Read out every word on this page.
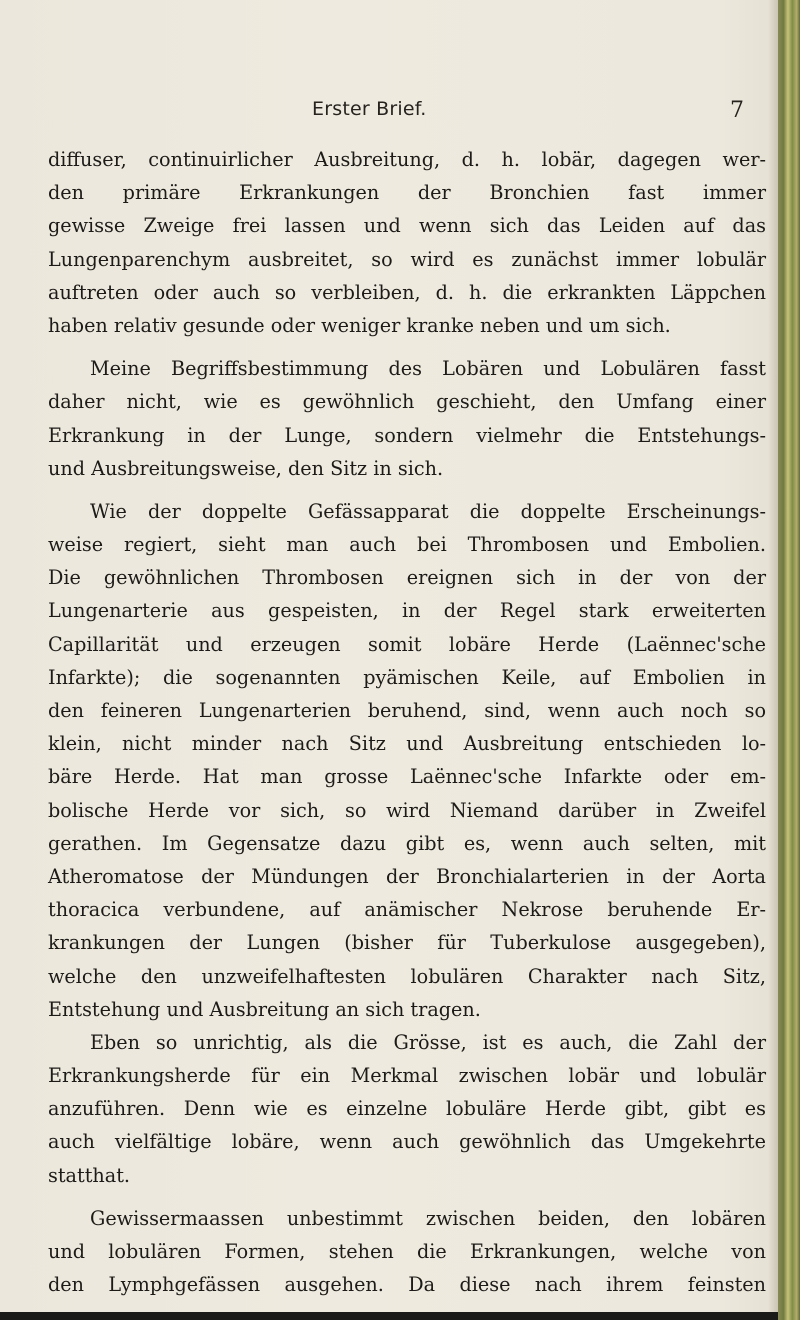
Erster Brief.	7
diffuser, continuirlicher Ausbreitung, d. h. lobär, dagegen wer-
den primäre Erkrankungen der Bronchien fast immer
gewisse Zweige frei lassen und wenn sich das Leiden auf das
Lungenparenchym ausbreitet, so wird es zunächst immer lobulär
auftreten oder auch so verbleiben, d. h. die erkrankten Läppchen
haben relativ gesunde oder weniger kranke neben und um sich.
Meine Begriffsbestimmung des Lobären und Lobulären fasst
daher nicht, wie es gewöhnlich geschieht, den Umfang einer
Erkrankung in der Lunge, sondern vielmehr die Entstehungs-
und Ausbreitungsweise, den Sitz in sich.
Wie der doppelte Gefässapparat die doppelte Erscheinungs-
weise regiert, sieht man auch bei Thrombosen und Embolien.
Die gewöhnlichen Thrombosen ereignen sich in der von der
Lungenarterie aus gespeisten, in der Regel stark erweiterten
Capillarität und erzeugen somit lobäre Herde (Laënnec'sche
Infarkte); die sogenannten pyämischen Keile, auf Embolien in
den feineren Lungenarterien beruhend, sind, wenn auch noch so
klein, nicht minder nach Sitz und Ausbreitung entschieden lo-
bäre Herde. Hat man grosse Laënnec'sche Infarkte oder em-
bolische Herde vor sich, so wird Niemand darüber in Zweifel
gerathen. Im Gegensatze dazu gibt es, wenn auch selten, mit
Atheromatose der Mündungen der Bronchialarterien in der Aorta
thoracica verbundene, auf anämischer Nekrose beruhende Er-
krankungen der Lungen (bisher für Tuberkulose ausgegeben),
welche den unzweifelhaftesten lobulären Charakter nach Sitz,
Entstehung und Ausbreitung an sich tragen.
Eben so unrichtig, als die Grösse, ist es auch, die Zahl der
Erkrankungsherde für ein Merkmal zwischen lobär und lobulär
anzuführen. Denn wie es einzelne lobuläre Herde gibt, gibt es
auch vielfältige lobäre, wenn auch gewöhnlich das Umgekehrte
statthat.
Gewissermaassen unbestimmt zwischen beiden, den lobären
und lobulären Formen, stehen die Erkrankungen, welche von
den Lymphgefässen ausgehen. Da diese nach ihrem feinsten
